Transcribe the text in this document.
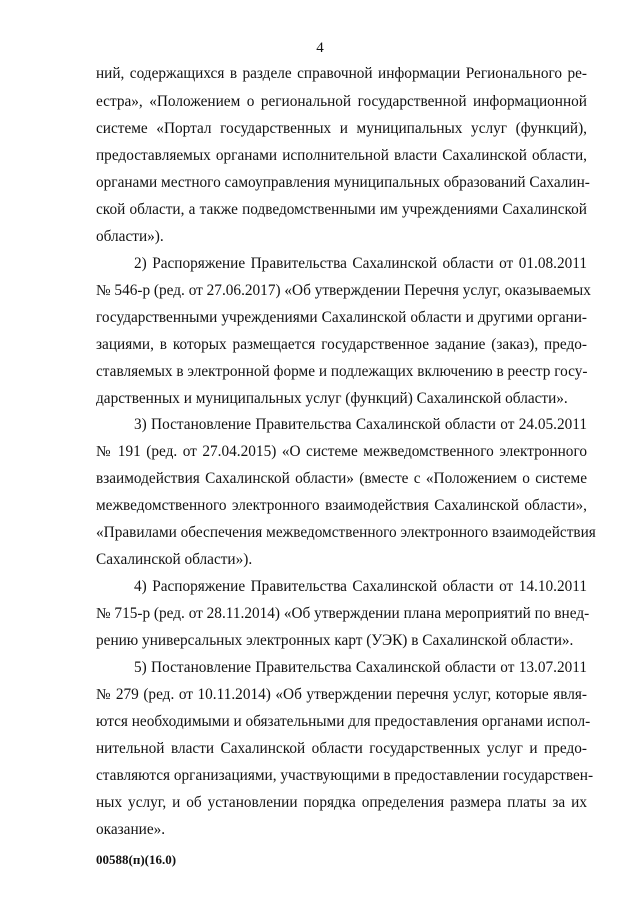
4
ний, содержащихся в разделе справочной информации Регионального ре-
естра», «Положением о региональной государственной информационной
системе «Портал государственных и муниципальных услуг (функций),
предоставляемых органами исполнительной власти Сахалинской области,
органами местного самоуправления муниципальных образований Сахалин-
ской области, а также подведомственными им учреждениями Сахалинской
области»).
2) Распоряжение Правительства Сахалинской области от 01.08.2011
№ 546-р (ред. от 27.06.2017) «Об утверждении Перечня услуг, оказываемых
государственными учреждениями Сахалинской области и другими органи-
зациями, в которых размещается государственное задание (заказ), предо-
ставляемых в электронной форме и подлежащих включению в реестр госу-
дарственных и муниципальных услуг (функций) Сахалинской области».
3) Постановление Правительства Сахалинской области от 24.05.2011
№ 191 (ред. от 27.04.2015) «О системе межведомственного электронного
взаимодействия Сахалинской области» (вместе с «Положением о системе
межведомственного электронного взаимодействия Сахалинской области»,
«Правилами обеспечения межведомственного электронного взаимодействия
Сахалинской области»).
4) Распоряжение Правительства Сахалинской области от 14.10.2011
№ 715-р (ред. от 28.11.2014) «Об утверждении плана мероприятий по внед-
рению универсальных электронных карт (УЭК) в Сахалинской области».
5) Постановление Правительства Сахалинской области от 13.07.2011
№ 279 (ред. от 10.11.2014) «Об утверждении перечня услуг, которые явля-
ются необходимыми и обязательными для предоставления органами испол-
нительной власти Сахалинской области государственных услуг и предо-
ставляются организациями, участвующими в предоставлении государствен-
ных услуг, и об установлении порядка определения размера платы за их
оказание».
00588(п)(16.0)
